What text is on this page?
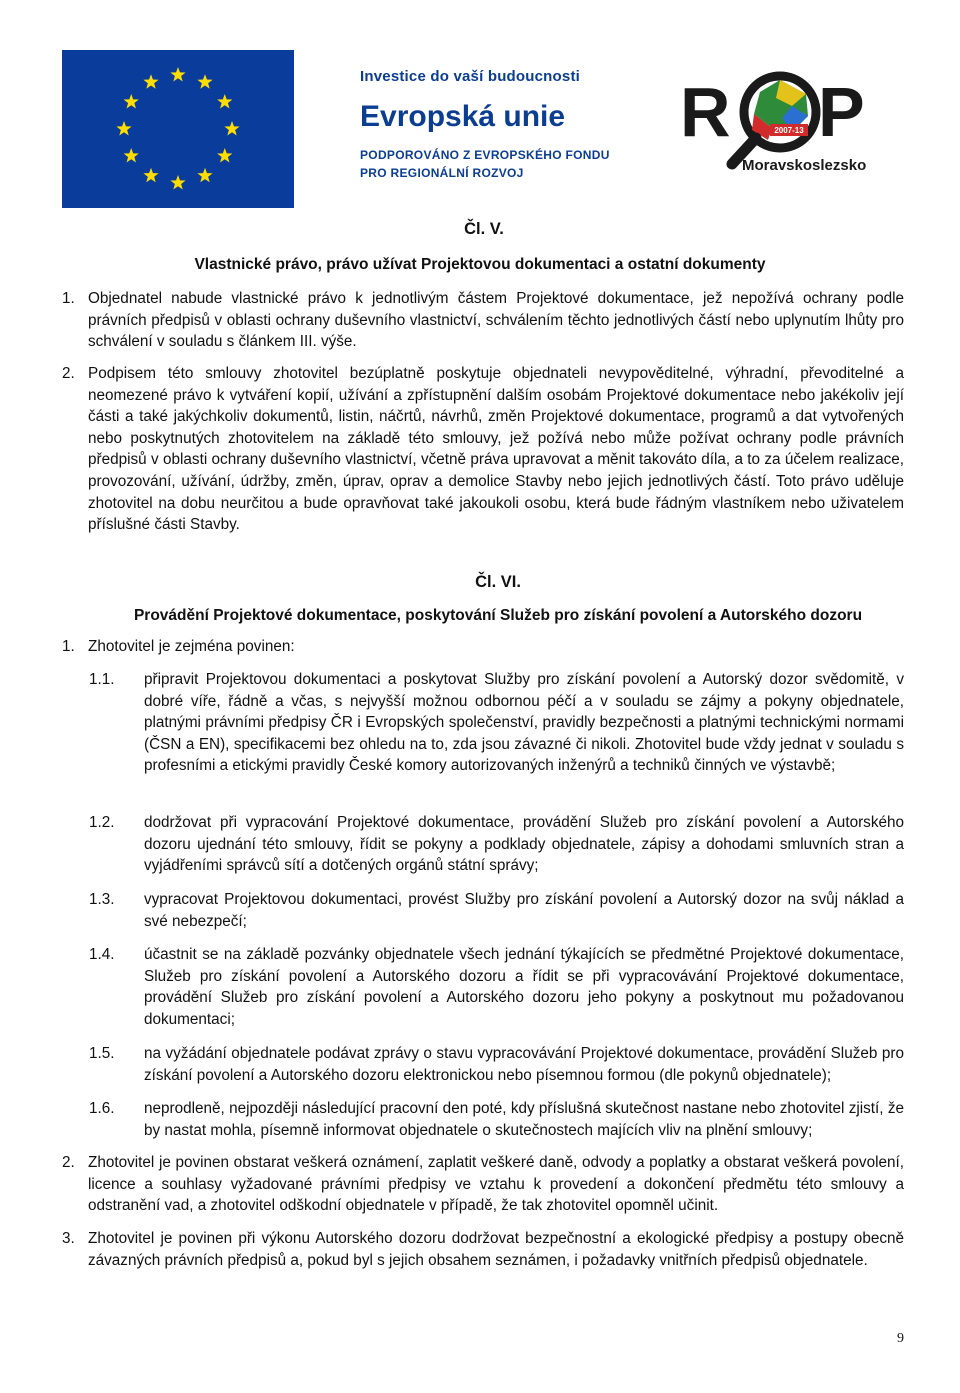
Investice do vaší budoucnosti
Evropská unie
PODPOROVÁNO Z EVROPSKÉHO FONDU
PRO REGIONÁLNÍ ROZVOJ
R	2007-13 P
Moravskoslezsko
Čl. V.
Vlastnické právo, právo užívat Projektovou dokumentaci a ostatní dokumenty
1. Objednatel nabude vlastnické právo k jednotlivým částem Projektové dokumentace, jež nepožívá ochrany podle právních předpisů v oblasti ochrany duševního vlastnictví, schválením těchto jednotlivých částí nebo uplynutím lhůty pro schválení v souladu s článkem III. výše.
2. Podpisem této smlouvy zhotovitel bezúplatně poskytuje objednateli nevypověditelné, výhradní, převoditelné a neomezené právo k vytváření kopií, užívání a zpřístupnění dalším osobám Projektové dokumentace nebo jakékoliv její části a také jakýchkoliv dokumentů, listin, náčrtů, návrhů, změn Projektové dokumentace, programů a dat vytvořených nebo poskytnutých zhotovitelem na základě této smlouvy, jež požívá nebo může požívat ochrany podle právních předpisů v oblasti ochrany duševního vlastnictví, včetně práva upravovat a měnit takováto díla, a to za účelem realizace, provozování, užívání, údržby, změn, úprav, oprav a demolice Stavby nebo jejich jednotlivých částí. Toto právo uděluje zhotovitel na dobu neurčitou a bude opravňovat také jakoukoli osobu, která bude řádným vlastníkem nebo uživatelem příslušné části Stavby.
Čl. VI.
Provádění Projektové dokumentace, poskytování Služeb pro získání povolení a Autorského dozoru
1. Zhotovitel je zejména povinen:
1.1. připravit Projektovou dokumentaci a poskytovat Služby pro získání povolení a Autorský dozor svědomitě, v dobré víře, řádně a včas, s nejvyšší možnou odbornou péčí a v souladu se zájmy a pokyny objednatele, platnými právními předpisy ČR i Evropských společenství, pravidly bezpečnosti a platnými technickými normami (ČSN a EN), specifikacemi bez ohledu na to, zda jsou závazné či nikoli. Zhotovitel bude vždy jednat v souladu s profesními a etickými pravidly České komory autorizovaných inženýrů a techniků činných ve výstavbě;
1.2. dodržovat při vypracování Projektové dokumentace, provádění Služeb pro získání povolení a Autorského dozoru ujednání této smlouvy, řídit se pokyny a podklady objednatele, zápisy a dohodami smluvních stran a vyjádřeními správců sítí a dotčených orgánů státní správy;
1.3. vypracovat Projektovou dokumentaci, provést Služby pro získání povolení a Autorský dozor na svůj náklad a své nebezpečí;
1.4. účastnit se na základě pozvánky objednatele všech jednání týkajících se předmětné Projektové dokumentace, Služeb pro získání povolení a Autorského dozoru a řídit se při vypracovávání Projektové dokumentace, provádění Služeb pro získání povolení a Autorského dozoru jeho pokyny a poskytnout mu požadovanou dokumentaci;
1.5. na vyžádání objednatele podávat zprávy o stavu vypracovávání Projektové dokumentace, provádění Služeb pro získání povolení a Autorského dozoru elektronickou nebo písemnou formou (dle pokynů objednatele);
1.6. neprodleně, nejpozději následující pracovní den poté, kdy příslušná skutečnost nastane nebo zhotovitel zjistí, že by nastat mohla, písemně informovat objednatele o skutečnostech majících vliv na plnění smlouvy;
2. Zhotovitel je povinen obstarat veškerá oznámení, zaplatit veškeré daně, odvody a poplatky a obstarat veškerá povolení, licence a souhlasy vyžadované právními předpisy ve vztahu k provedení a dokončení předmětu této smlouvy a odstranění vad, a zhotovitel odškodní objednatele v případě, že tak zhotovitel opomněl učinit.
3. Zhotovitel je povinen při výkonu Autorského dozoru dodržovat bezpečnostní a ekologické předpisy a postupy obecně závazných právních předpisů a, pokud byl s jejich obsahem seznámen, i požadavky vnitřních předpisů objednatele.
9
